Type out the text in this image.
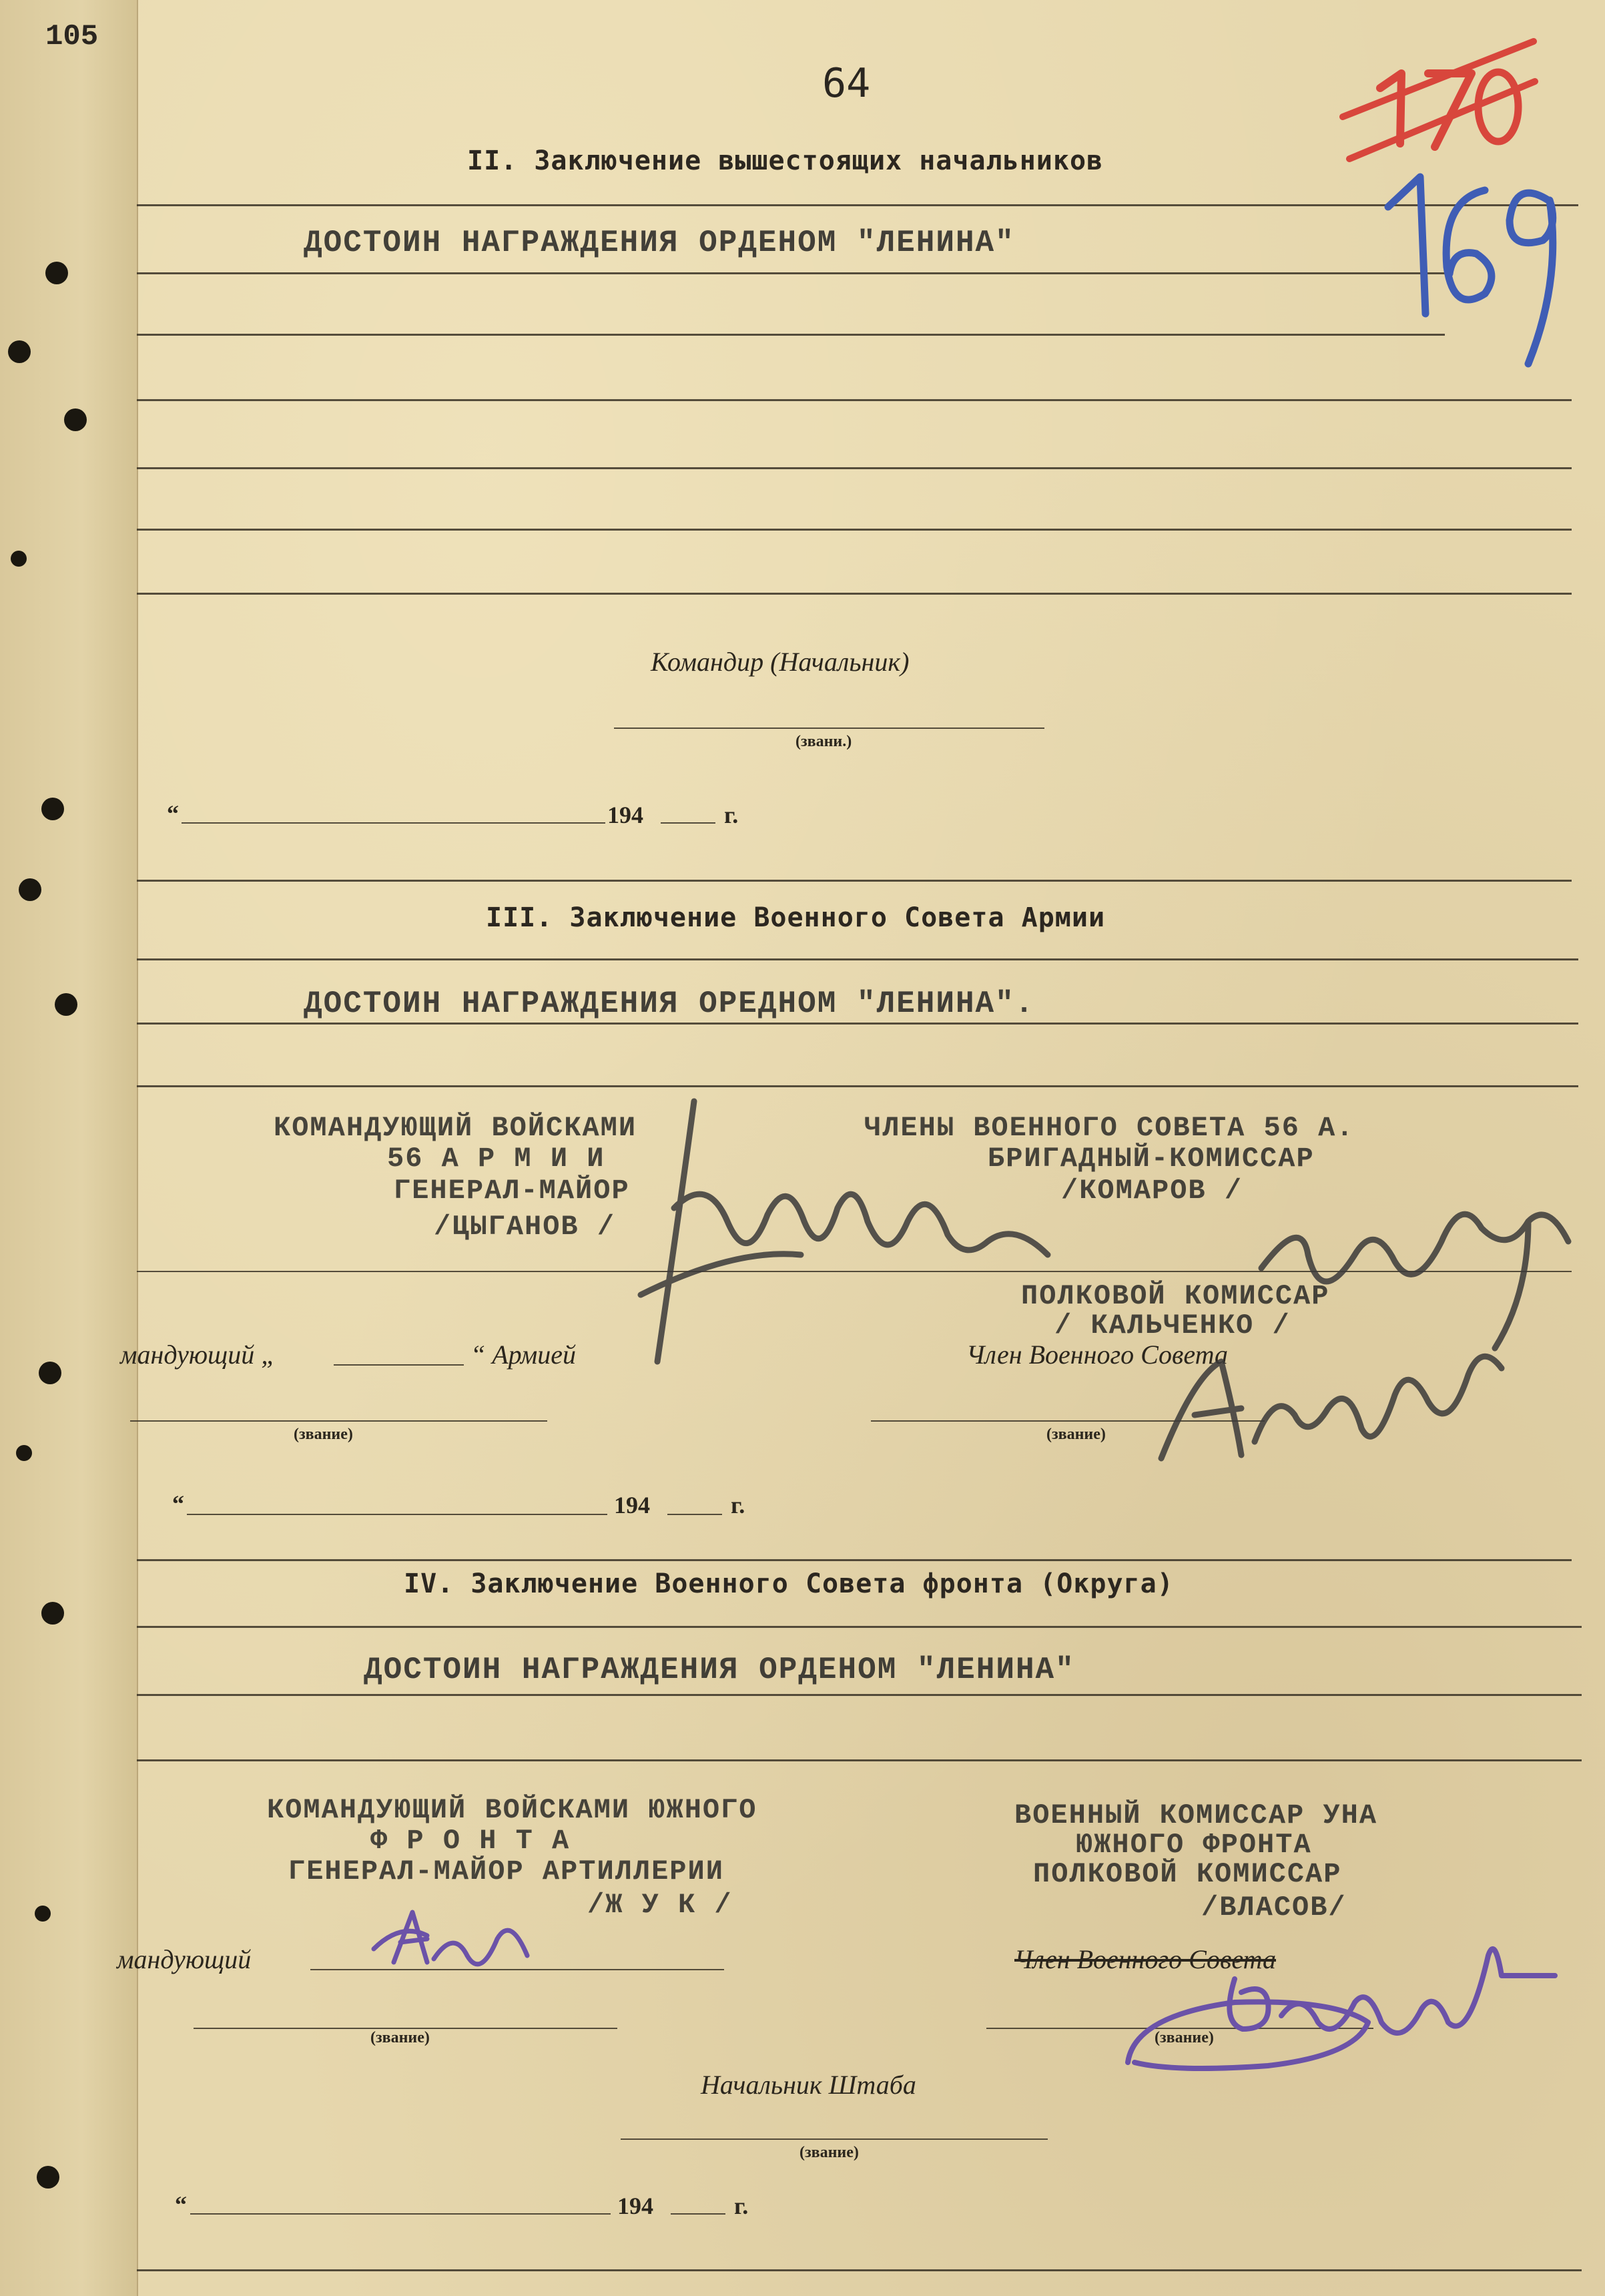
105
64
II. Заключение вышестоящих начальников
ДОСТОИН НАГРАЖДЕНИЯ ОРДЕНОМ "ЛЕНИНА"
Командир (Начальник)
(звани.)
“	194	г.
III. Заключение Военного Совета Армии
ДОСТОИН НАГРАЖДЕНИЯ ОРЕДНОМ "ЛЕНИНА".
КОМАНДУЮЩИЙ ВОЙСКАМИ
56 А Р М И И
ГЕНЕРАЛ-МАЙОР
/ЦЫГАНОВ /
ЧЛЕНЫ ВОЕННОГО СОВЕТА 56 А.
БРИГАДНЫЙ-КОМИССАР
/КОМАРОВ /
ПОЛКОВОЙ КОМИССАР
/ КАЛЬЧЕНКО /
мандующий „	“ Армией	Член Военного Совета
(звание)	(звание)
“	194	г.
IV. Заключение Военного Совета фронта (Округа)
ДОСТОИН НАГРАЖДЕНИЯ ОРДЕНОМ "ЛЕНИНА"
КОМАНДУЮЩИЙ ВОЙСКАМИ ЮЖНОГО
Ф Р О Н Т А
ГЕНЕРАЛ-МАЙОР АРТИЛЛЕРИИ
/Ж У К /
ВОЕННЫЙ КОМИССАР УНА
ЮЖНОГО ФРОНТА
ПОЛКОВОЙ КОМИССАР
/ВЛАСОВ/
мандующий	Член Военного Совета
(звание)	(звание)
Начальник Штаба
(звание)
“	194	г.
